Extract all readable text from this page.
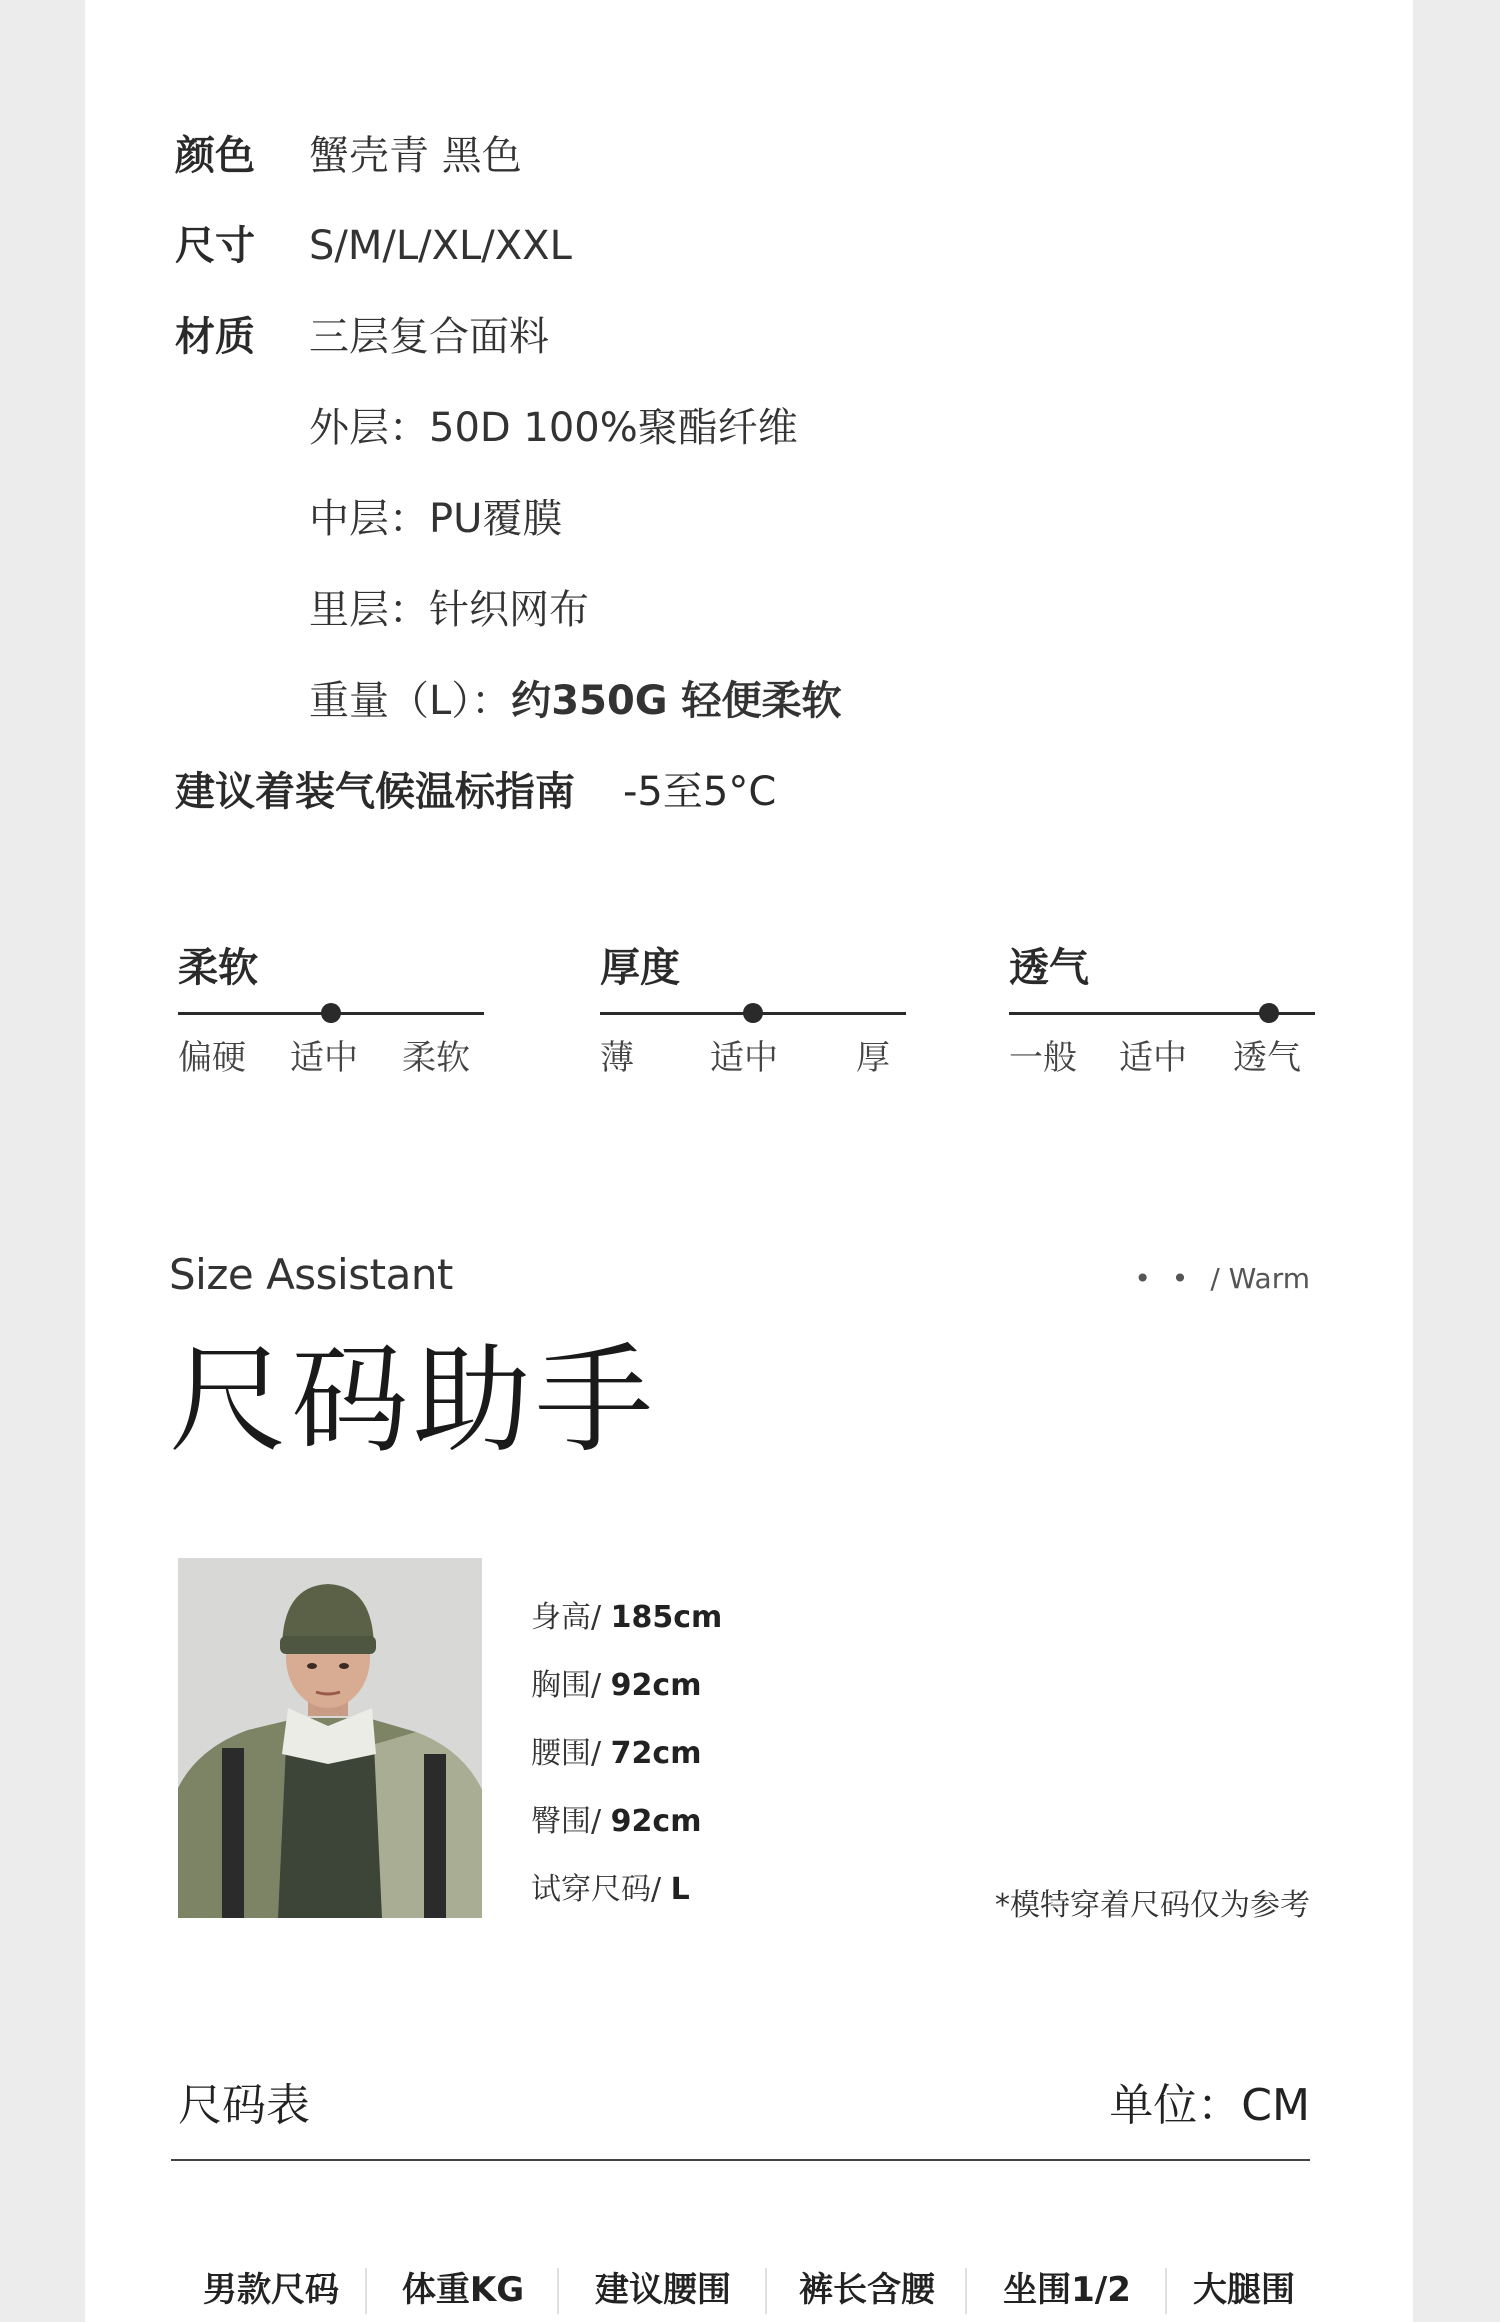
颜色 蟹壳青 黑色
尺寸 S/M/L/XL/XXL
材质 三层复合面料
外层：50D 100%聚酯纤维
中层：PU覆膜
里层：针织网布
重量（L）：约350G 轻便柔软
建议着装气候温标指南 -5至5°C
柔软
偏硬 适中 柔软
厚度
薄 适中 厚
透气
一般 适中 透气
Size Assistant	• • / Warm
尺码助手
身高/ 185cm
胸围/ 92cm
腰围/ 72cm
臀围/ 92cm
试穿尺码/ L	*模特穿着尺码仅为参考
尺码表	单位：CM
男款尺码	体重KG	建议腰围	裤长含腰	坐围1/2	大腿围
